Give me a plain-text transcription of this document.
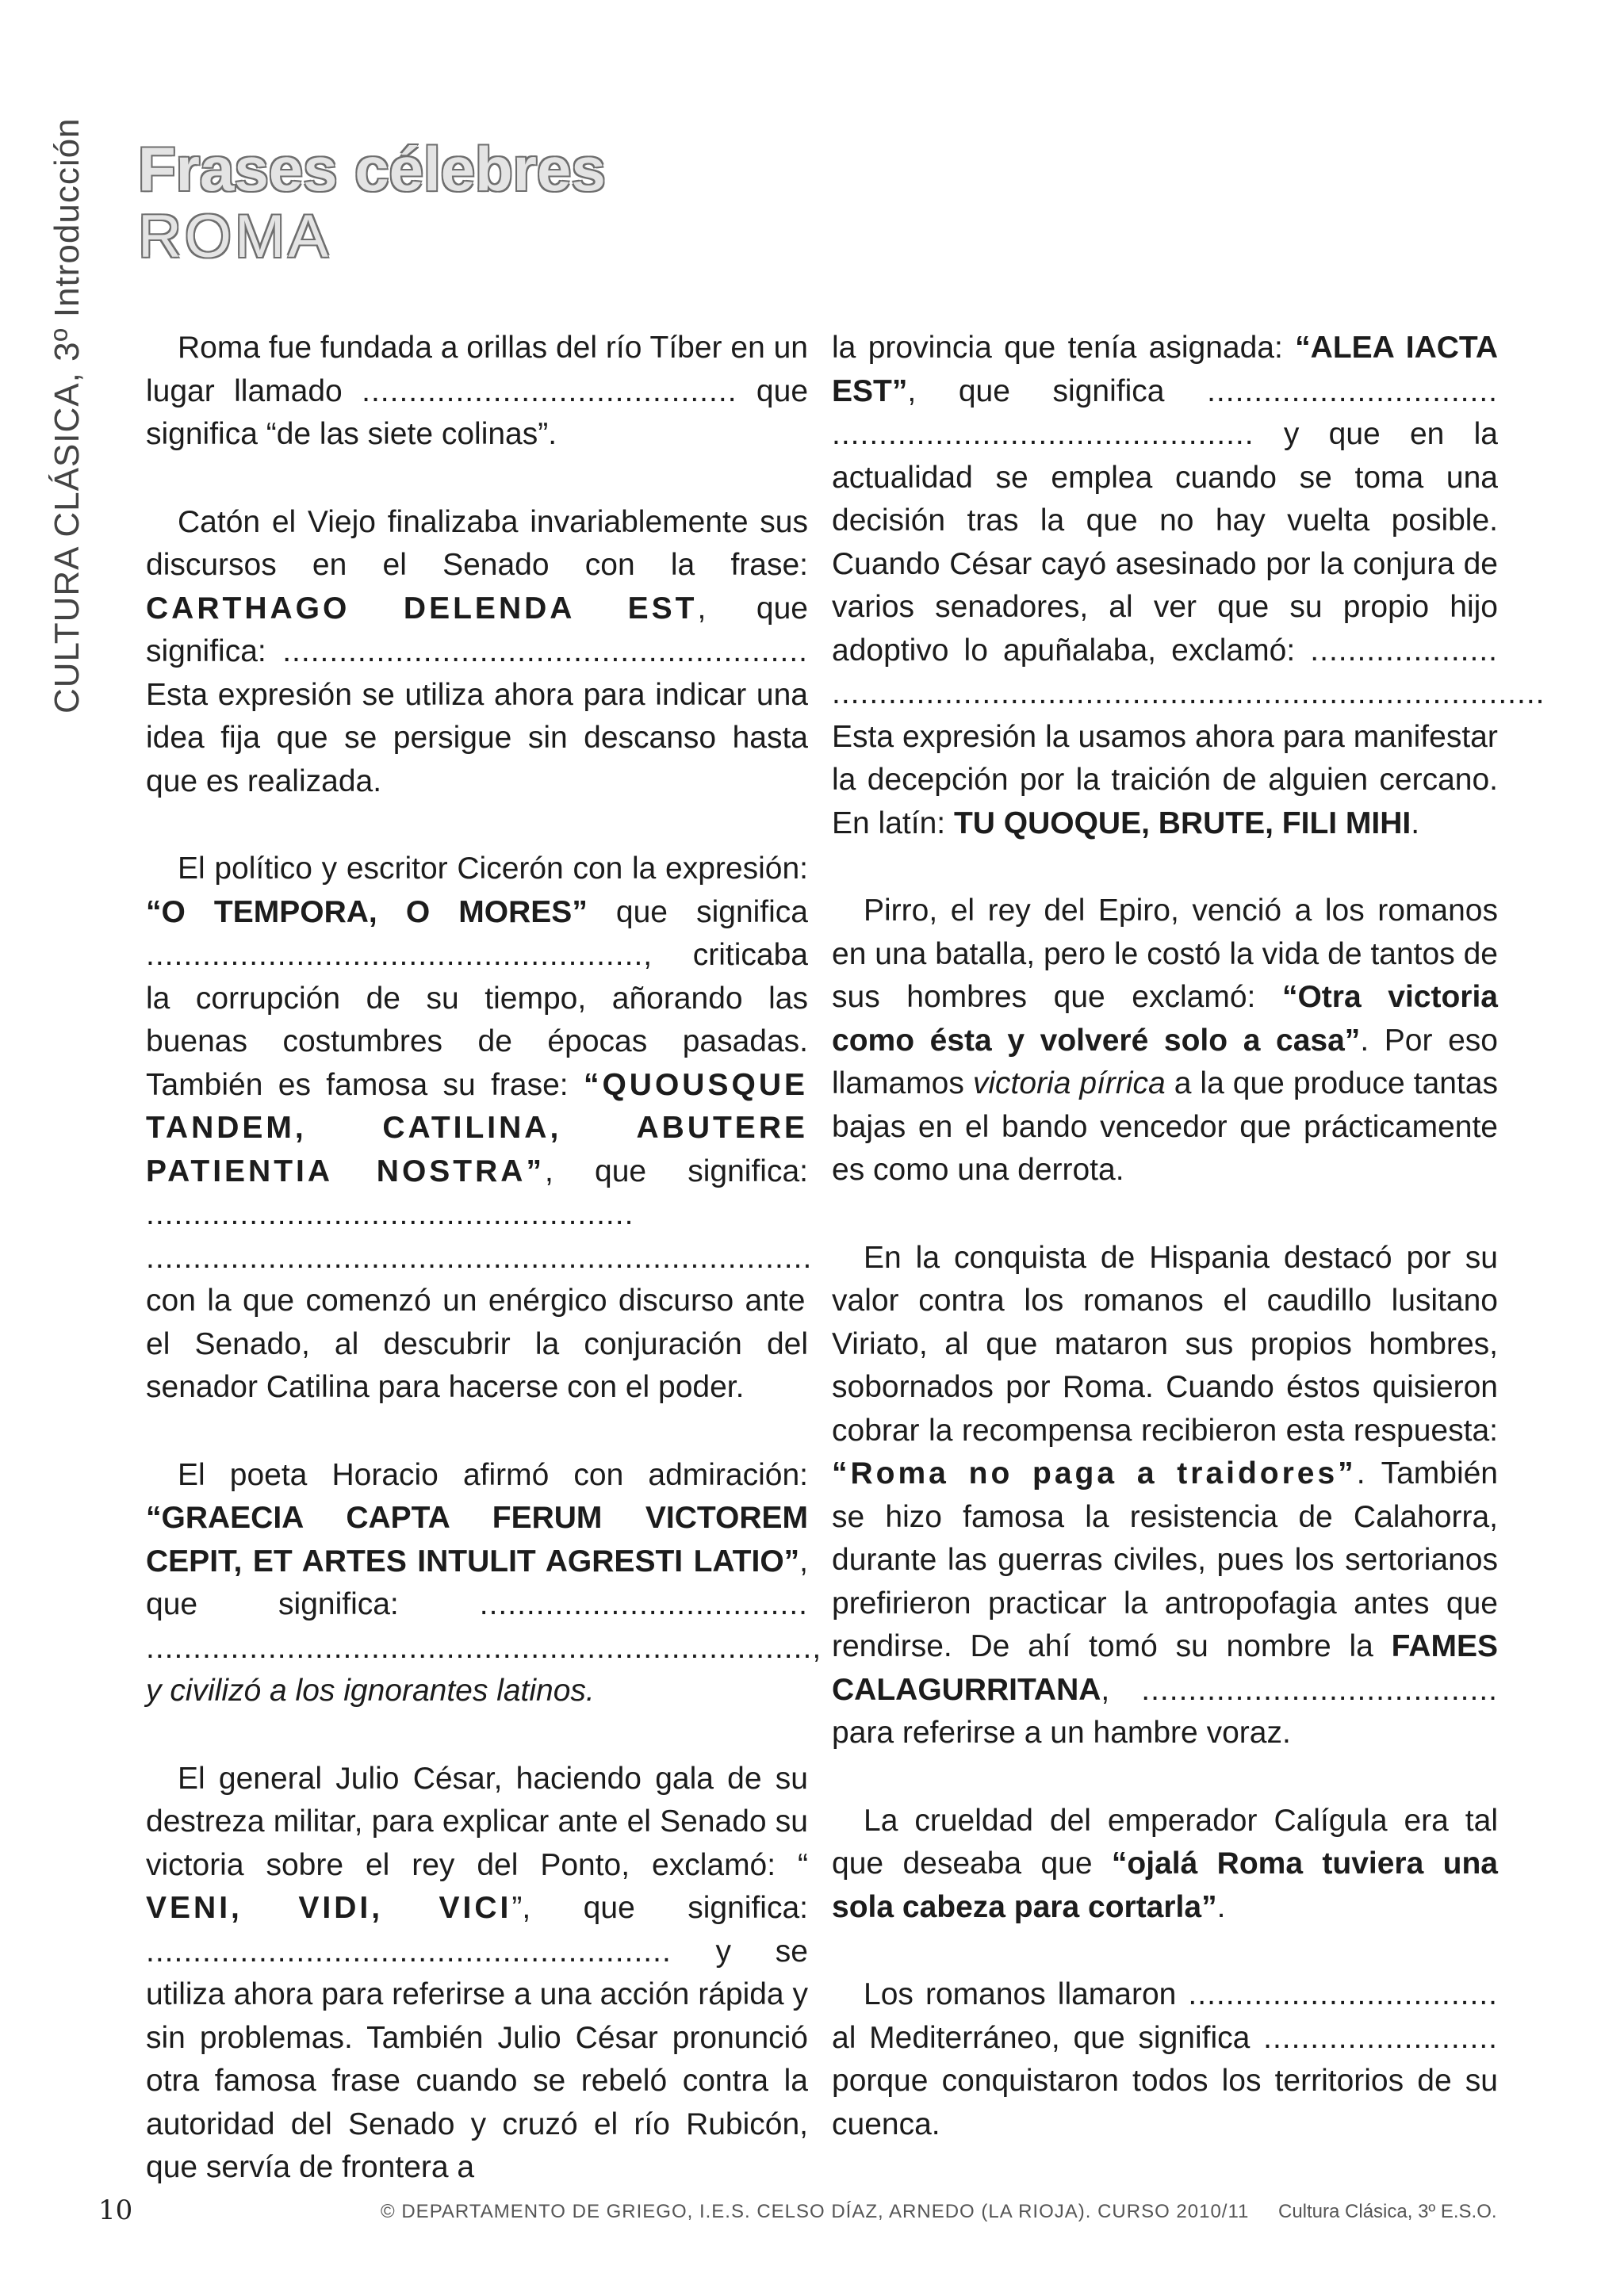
CULTURA CLÁSICA, 3º Introducción Frases célebres
ROMA

Roma fue fundada a orillas del río Tíber en un lugar llamado ........................................ que significa “de las siete colinas”.

Catón el Viejo finalizaba invariablemente sus discursos en el Senado con la frase: CARTHAGO DELENDA EST, que significa: ........................................................ Esta expresión se utiliza ahora para indicar una idea fija que se persigue sin descanso hasta que es realizada.

El político y escritor Cicerón con la expresión: “O TEMPORA, O MORES” que significa ....................................................., criticaba la corrupción de su tiempo, añorando las buenas costumbres de épocas pasadas. También es famosa su frase: “QUOUSQUE TANDEM, CATILINA, ABUTERE PATIENTIA NOSTRA”, que significa: .................................................... ....................................................................... con la que comenzó un enérgico discurso ante el Senado, al descubrir la conjuración del senador Catilina para hacerse con el poder.

El poeta Horacio afirmó con admiración: “GRAECIA CAPTA FERUM VICTOREM CEPIT, ET ARTES INTULIT AGRESTI LATIO”, que significa: ................................... ......................................................................., y civilizó a los ignorantes latinos.

El general Julio César, haciendo gala de su destreza militar, para explicar ante el Senado su victoria sobre el rey del Ponto, exclamó: “ VENI, VIDI, VICI”, que significa: ........................................................ y se utiliza ahora para referirse a una acción rápida y sin problemas. También Julio César pronunció otra famosa frase cuando se rebeló contra la autoridad del Senado y cruzó el río Rubicón, que servía de frontera a

la provincia que tenía asignada: “ALEA IACTA EST”, que significa ............................... ............................................. y que en la actualidad se emplea cuando se toma una decisión tras la que no hay vuelta posible. Cuando César cayó asesinado por la conjura de varios senadores, al ver que su propio hijo adoptivo lo apuñalaba, exclamó: .................... ............................................................................ Esta expresión la usamos ahora para manifestar la decepción por la traición de alguien cercano. En latín: TU QUOQUE, BRUTE, FILI MIHI.

Pirro, el rey del Epiro, venció a los romanos en una batalla, pero le costó la vida de tantos de sus hombres que exclamó: “Otra victoria como ésta y volveré solo a casa”. Por eso llamamos victoria pírrica a la que produce tantas bajas en el bando vencedor que prácticamente es como una derrota.

En la conquista de Hispania destacó por su valor contra los romanos el caudillo lusitano Viriato, al que mataron sus propios hombres, sobornados por Roma. Cuando éstos quisieron cobrar la recompensa recibieron esta respuesta: “Roma no paga a traidores”. También se hizo famosa la resistencia de Calahorra, durante las guerras civiles, pues los sertorianos prefirieron practicar la antropofagia antes que rendirse. De ahí tomó su nombre la FAMES CALAGURRITANA, ...................................... para referirse a un hambre voraz.

La crueldad del emperador Calígula era tal que deseaba que “ojalá Roma tuviera una sola cabeza para cortarla”.

Los romanos llamaron ................................. al Mediterráneo, que significa ......................... porque conquistaron todos los territorios de su cuenca.

10	© DEPARTAMENTO DE GRIEGO, I.E.S. CELSO DÍAZ, ARNEDO (LA RIOJA). CURSO 2010/11 Cultura Clásica, 3º E.S.O.
